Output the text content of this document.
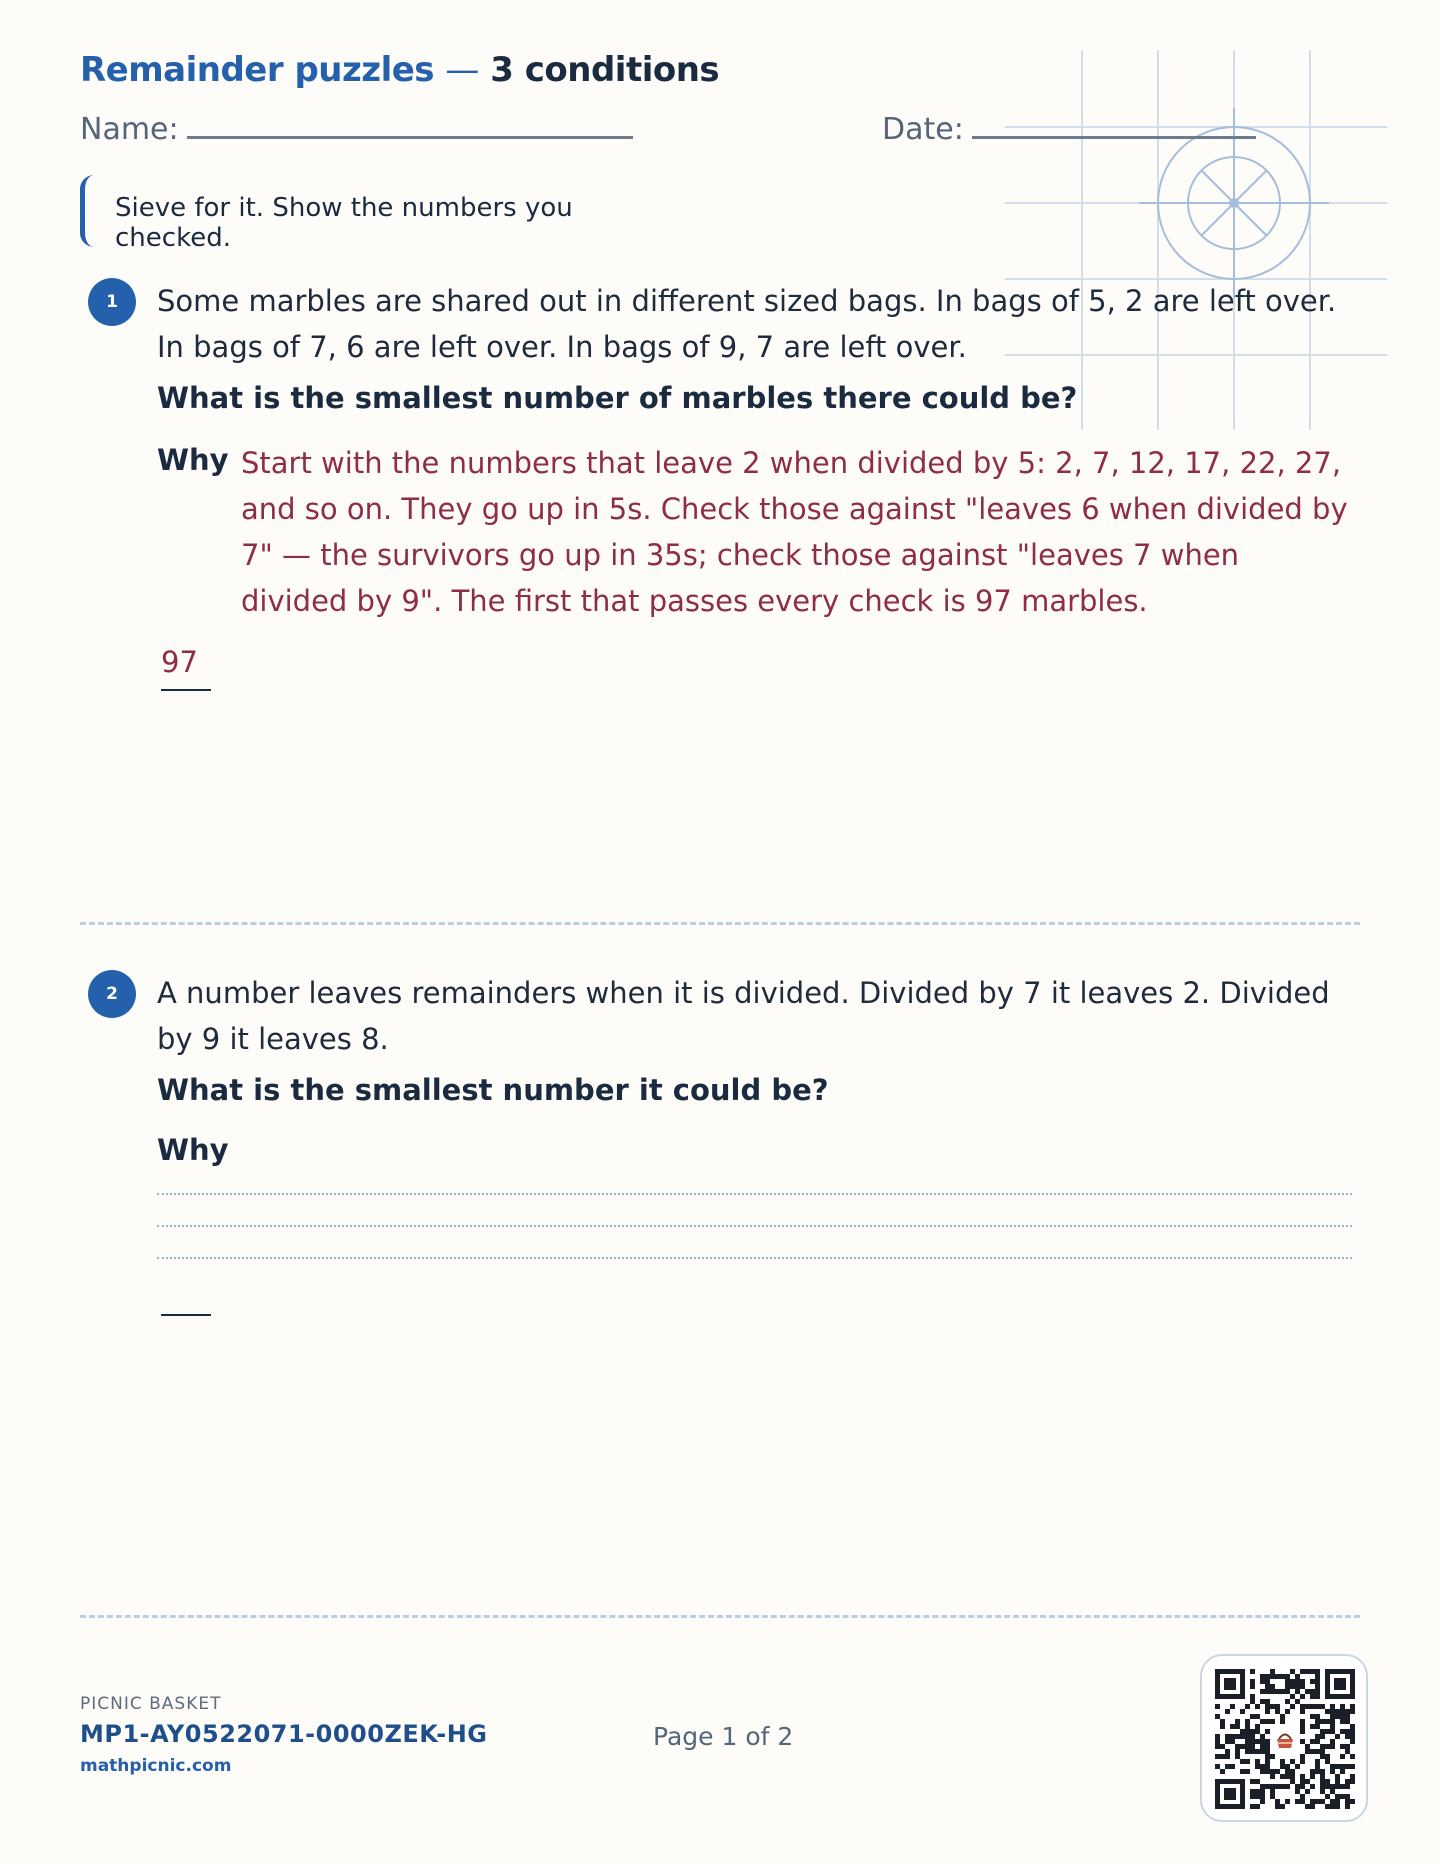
Remainder puzzles — 3 conditions
Name:	Date:
Sieve for it. Show the numbers you checked.
1	Some marbles are shared out in different sized bags. In bags of 5, 2 are left over. In bags of 7, 6 are left over. In bags of 9, 7 are left over.
What is the smallest number of marbles there could be?
Why Start with the numbers that leave 2 when divided by 5: 2, 7, 12, 17, 22, 27, and so on. They go up in 5s. Check those against "leaves 6 when divided by 7" — the survivors go up in 35s; check those against "leaves 7 when divided by 9". The first that passes every check is 97 marbles.
97
2	A number leaves remainders when it is divided. Divided by 7 it leaves 2. Divided by 9 it leaves 8.
What is the smallest number it could be?
Why
PICNIC BASKET
MP1-AY0522071-0000ZEK-HG
mathpicnic.com
Page 1 of 2
